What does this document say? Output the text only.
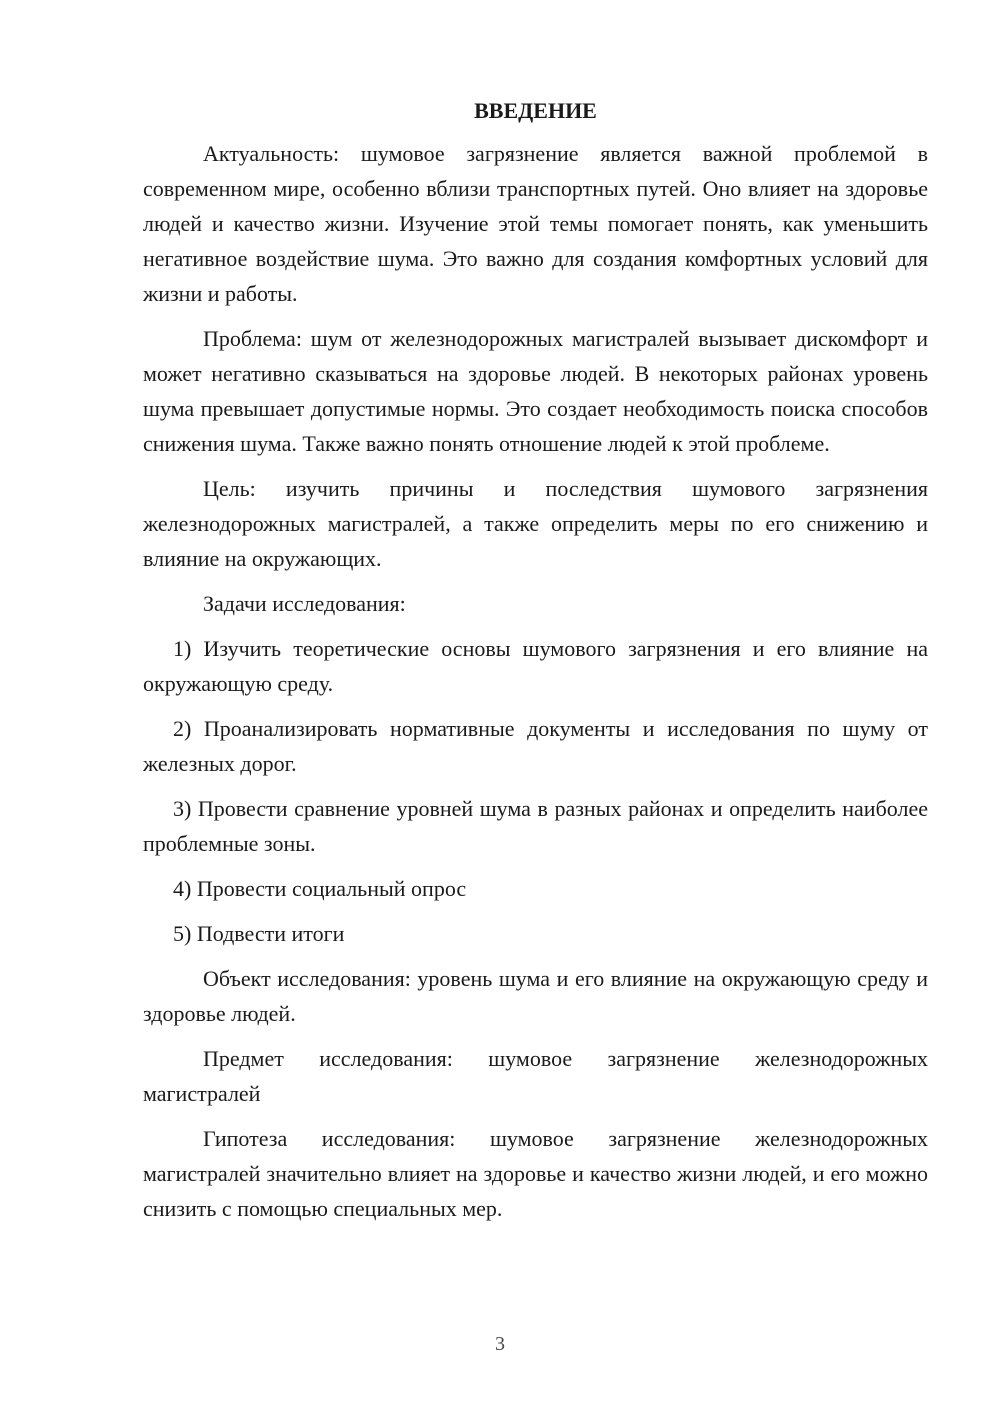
ВВЕДЕНИЕ

Актуальность: шумовое загрязнение является важной проблемой в современном мире, особенно вблизи транспортных путей. Оно влияет на здоровье людей и качество жизни. Изучение этой темы помогает понять, как уменьшить негативное воздействие шума. Это важно для создания комфортных условий для жизни и работы.

Проблема: шум от железнодорожных магистралей вызывает дискомфорт и может негативно сказываться на здоровье людей. В некоторых районах уровень шума превышает допустимые нормы. Это создает необходимость поиска способов снижения шума. Также важно понять отношение людей к этой проблеме.

Цель: изучить причины и последствия шумового загрязнения железнодорожных магистралей, а также определить меры по его снижению и влияние на окружающих.

Задачи исследования:

1) Изучить теоретические основы шумового загрязнения и его влияние на окружающую среду.

2) Проанализировать нормативные документы и исследования по шуму от железных дорог.

3) Провести сравнение уровней шума в разных районах и определить наиболее проблемные зоны.

4) Провести социальный опрос

5) Подвести итоги

Объект исследования: уровень шума и его влияние на окружающую среду и здоровье людей.

Предмет исследования: шумовое загрязнение железнодорожных магистралей

Гипотеза исследования: шумовое загрязнение железнодорожных магистралей значительно влияет на здоровье и качество жизни людей, и его можно снизить с помощью специальных мер.

3
